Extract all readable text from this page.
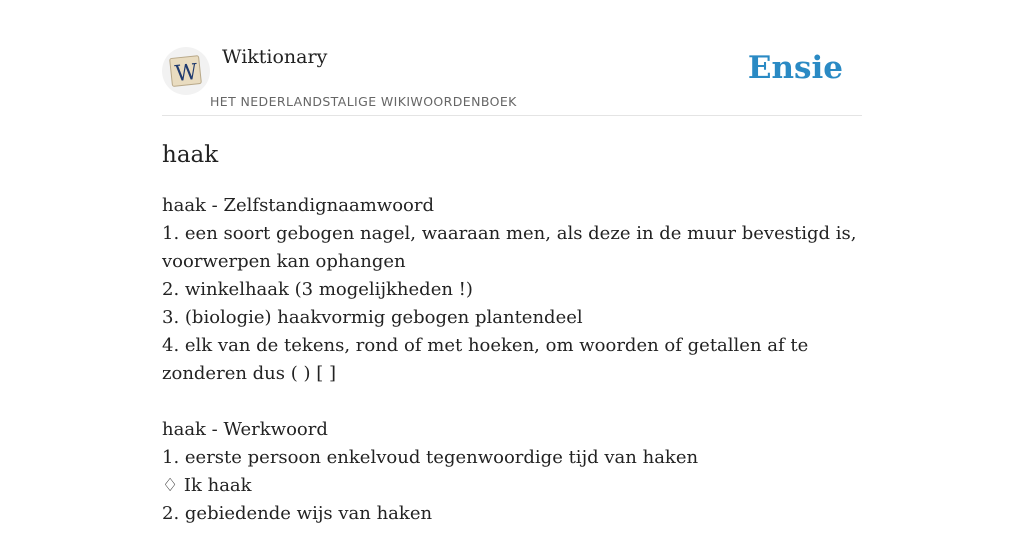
W
Wiktionary
HET NEDERLANDSTALIGE WIKIWOORDENBOEK
Ensie
haak
haak - Zelfstandignaamwoord
1. een soort gebogen nagel, waaraan men, als deze in de muur bevestigd is, voorwerpen kan ophangen
2. winkelhaak (3 mogelijkheden !)
3. (biologie) haakvormig gebogen plantendeel
4. elk van de tekens, rond of met hoeken, om woorden of getallen af te zonderen dus ( ) [ ]
haak - Werkwoord
1. eerste persoon enkelvoud tegenwoordige tijd van haken
♢ Ik haak
2. gebiedende wijs van haken
